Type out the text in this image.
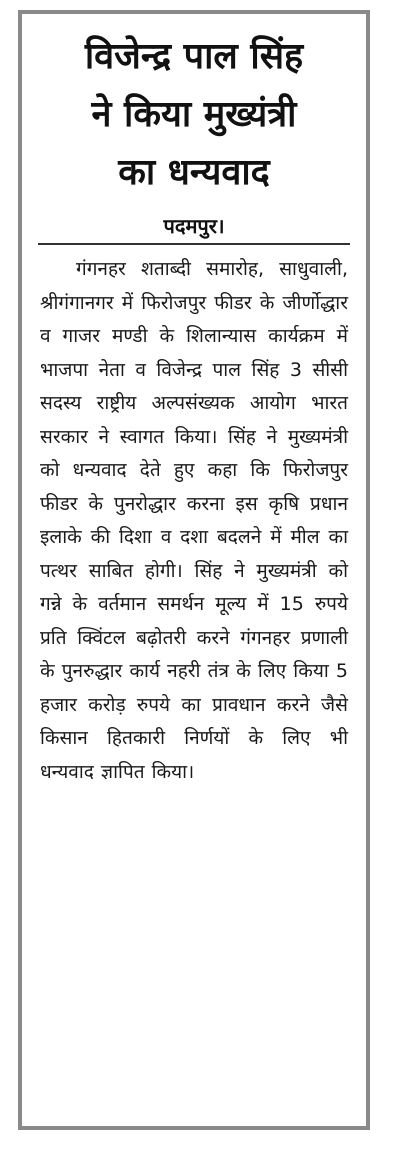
विजेन्द्र पाल सिंह
ने किया मुख्यंत्री
का धन्यवाद
पदमपुर।

गंगनहर शताब्दी समारोह, साधुवाली, श्रीगंगानगर में फिरोजपुर फीडर के जीर्णोद्धार व गाजर मण्डी के शिलान्यास कार्यक्रम में भाजपा नेता व विजेन्द्र पाल सिंह 3 सीसी सदस्य राष्ट्रीय अल्पसंख्यक आयोग भारत सरकार ने स्वागत किया। सिंह ने मुख्यमंत्री को धन्यवाद देते हुए कहा कि फिरोजपुर फीडर के पुनरोद्धार करना इस कृषि प्रधान इलाके की दिशा व दशा बदलने में मील का पत्थर साबित होगी। सिंह ने मुख्यमंत्री को गन्ने के वर्तमान समर्थन मूल्य में 15 रुपये प्रति क्विंटल बढ़ोतरी करने गंगनहर प्रणाली के पुनरुद्धार कार्य नहरी तंत्र के लिए किया 5 हजार करोड़ रुपये का प्रावधान करने जैसे किसान हितकारी निर्णयों के लिए भी धन्यवाद ज्ञापित किया।
